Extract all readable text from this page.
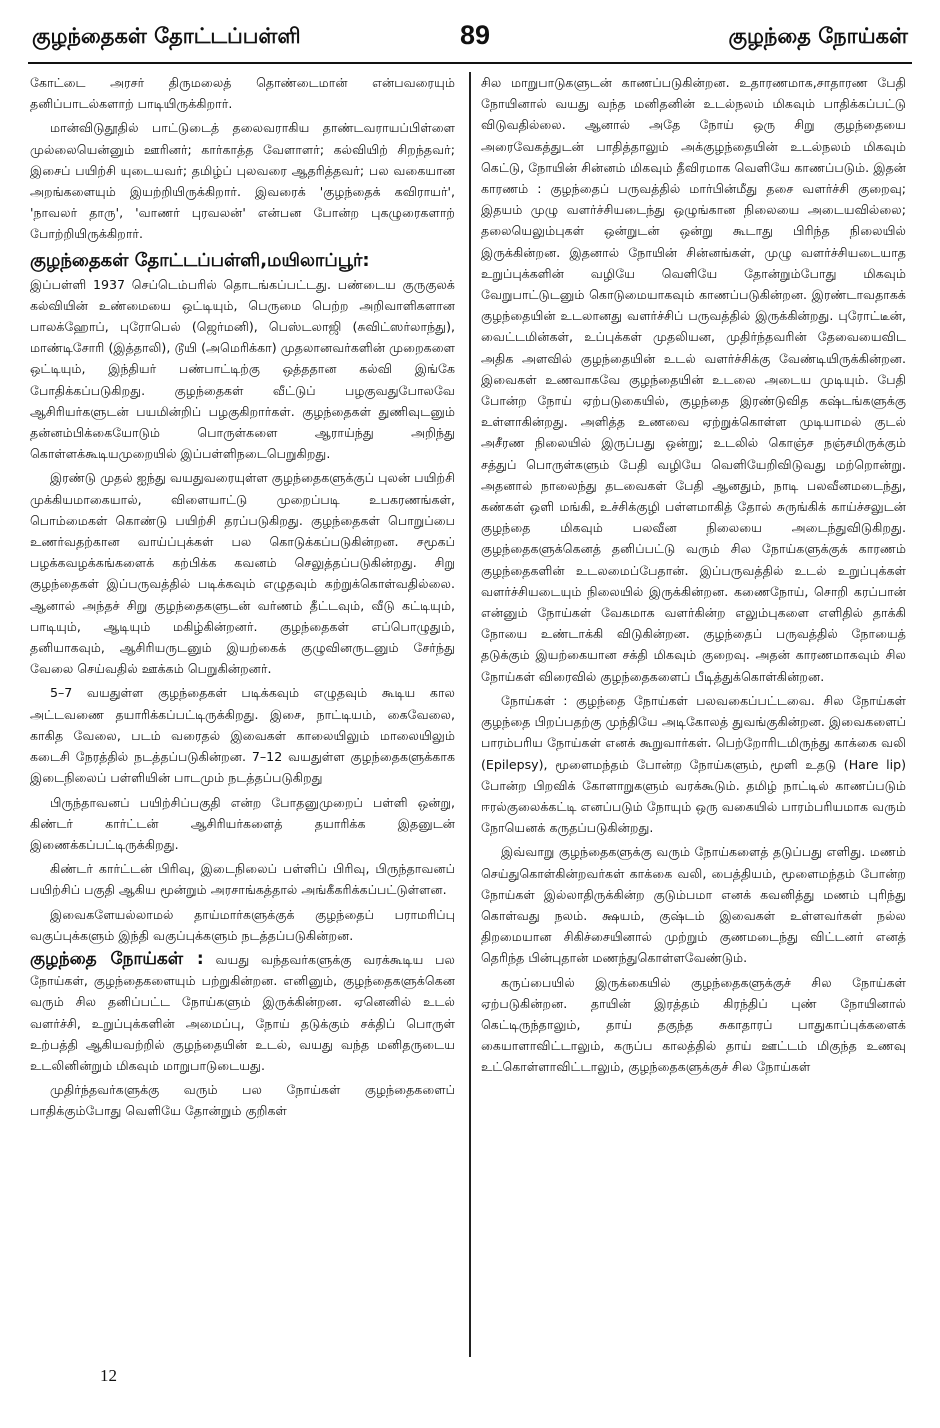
குழந்தைகள் தோட்டப்பள்ளி	89	குழந்தை நோய்கள்

கோட்டை அரசர் திருமலைத் தொண்டைமான் என்பவரையும் தனிப்பாடல்களாற் பாடியிருக்கிறார்.

மான்விடுதூதில் பாட்டுடைத் தலைவராகிய தாண்டவராயப்பிள்ளை முல்லையென்னும் ஊரினர்; கார்காத்த வேளாளர்; கல்வியிற் சிறந்தவர்; இசைப் பயிற்சி யுடையவர்; தமிழ்ப் புலவரை ஆதரித்தவர்; பல வகையான அறங்களையும் இயற்றியிருக்கிறார். இவரைக் 'குழந்தைக் கவிராயர்', 'நாவலர் தாரு', 'வாணர் புரவலன்' என்பன போன்ற புகழுரைகளாற் போற்றியிருக்கிறார்.

குழந்தைகள் தோட்டப்பள்ளி,மயிலாப்பூர்:

இப்பள்ளி 1937 செப்டெம்பரில் தொடங்கப்பட்டது. பண்டைய குருகுலக் கல்வியின் உண்மையை ஒட்டியும், பெருமை பெற்ற அறிவாளிகளான பாலக்ஹோப், புரோபெல் (ஜெர்மனி), பெஸ்டலாஜி (சுவிட்ஸர்லாந்து), மாண்டிசோரி (இத்தாலி), டூயி (அமெரிக்கா) முதலானவர்களின் முறைகளை ஒட்டியும், இந்தியர் பண்பாட்டிற்கு ஒத்ததான கல்வி இங்கே போதிக்கப்படுகிறது. குழந்தைகள் வீட்டுப் பழகுவதுபோலவே ஆசிரியர்களுடன் பயமின்றிப் பழகுகிறார்கள். குழந்தைகள் துணிவுடனும் தன்னம்பிக்கையோடும் பொருள்களை ஆராய்ந்து அறிந்து கொள்ளக்கூடியமுறையில் இப்பள்ளிநடைபெறுகிறது.

இரண்டு முதல் ஐந்து வயதுவரையுள்ள குழந்தைகளுக்குப் புலன் பயிற்சி முக்கியமாகையால், விளையாட்டு முறைப்படி உபகரணங்கள், பொம்மைகள் கொண்டு பயிற்சி தரப்படுகிறது. குழந்தைகள் பொறுப்பை உணர்வதற்கான வாய்ப்புக்கள் பல கொடுக்கப்படுகின்றன. சமூகப் பழக்கவழக்கங்களைக் கற்பிக்க கவனம் செலுத்தப்படுகின்றது. சிறு குழந்தைகள் இப்பருவத்தில் படிக்கவும் எழுதவும் கற்றுக்கொள்வதில்லை. ஆனால் அந்தச் சிறு குழந்தைகளுடன் வர்ணம் தீட்டவும், வீடு கட்டியும், பாடியும், ஆடியும் மகிழ்கின்றனர். குழந்தைகள் எப்பொழுதும், தனியாகவும், ஆசிரியருடனும் இயற்கைக் குழுவினருடனும் சேர்ந்து வேலை செய்வதில் ஊக்கம் பெறுகின்றனர்.

5–7 வயதுள்ள குழந்தைகள் படிக்கவும் எழுதவும் கூடிய கால அட்டவணை தயாரிக்கப்பட்டிருக்கிறது. இசை, நாட்டியம், கைவேலை, காகித வேலை, படம் வரைதல் இவைகள் காலையிலும் மாலையிலும் கடைசி நேரத்தில் நடத்தப்படுகின்றன. 7–12 வயதுள்ள குழந்தைகளுக்காக இடைநிலைப் பள்ளியின் பாடமும் நடத்தப்படுகிறது

பிருந்தாவனப் பயிற்சிப்பகுதி என்ற போதனுமுறைப் பள்ளி ஒன்று, கிண்டர் கார்ட்டன் ஆசிரியர்களைத் தயாரிக்க இதனுடன் இணைக்கப்பட்டிருக்கிறது.

கிண்டர் கார்ட்டன் பிரிவு, இடைநிலைப் பள்ளிப் பிரிவு, பிருந்தாவனப் பயிற்சிப் பகுதி ஆகிய மூன்றும் அரசாங்கத்தால் அங்கீகரிக்கப்பட்டுள்ளன.

இவைகளேயல்லாமல் தாய்மார்களுக்குக் குழந்தைப் பராமரிப்பு வகுப்புக்களும் இந்தி வகுப்புக்களும் நடத்தப்படுகின்றன.

குழந்தை நோய்கள் : வயது வந்தவர்களுக்கு வரக்கூடிய பல நோய்கள், குழந்தைகளையும் பற்றுகின்றன. எனினும், குழந்தைகளுக்கென வரும் சில தனிப்பட்ட நோய்களும் இருக்கின்றன. ஏனெனில் உடல் வளர்ச்சி, உறுப்புக்களின் அமைப்பு, நோய் தடுக்கும் சக்திப் பொருள் உற்பத்தி ஆகியவற்றில் குழந்தையின் உடல், வயது வந்த மனிதருடைய உடலினின்றும் மிகவும் மாறுபாடுடையது.

முதிர்ந்தவர்களுக்கு வரும் பல நோய்கள் குழந்தைகளைப் பாதிக்கும்போது வெளியே தோன்றும் குறிகள்

சில மாறுபாடுகளுடன் காணப்படுகின்றன. உதாரணமாக,சாதாரண பேதி நோயினால் வயது வந்த மனிதனின் உடல்நலம் மிகவும் பாதிக்கப்பட்டு விடுவதில்லை. ஆனால் அதே நோய் ஒரு சிறு குழந்தையை அரைவேகத்துடன் பாதித்தாலும் அக்குழந்தையின் உடல்நலம் மிகவும் கெட்டு, நோயின் சின்னம் மிகவும் தீவிரமாக வெளியே காணப்படும். இதன் காரணம் : குழந்தைப் பருவத்தில் மார்பின்மீது தசை வளர்ச்சி குறைவு; இதயம் முழு வளர்ச்சியடைந்து ஒழுங்கான நிலையை அடையவில்லை; தலையெலும்புகள் ஒன்றுடன் ஒன்று கூடாது பிரிந்த நிலையில் இருக்கின்றன. இதனால் நோயின் சின்னங்கள், முழு வளர்ச்சியடையாத உறுப்புக்களின் வழியே வெளியே தோன்றும்போது மிகவும் வேறுபாட்டுடனும் கொடுமையாகவும் காணப்படுகின்றன. இரண்டாவதாகக் குழந்தையின் உடலானது வளர்ச்சிப் பருவத்தில் இருக்கின்றது. புரோட்டீன், வைட்டமின்கள், உப்புக்கள் முதலியன, முதிர்ந்தவரின் தேவையைவிட அதிக அளவில் குழந்தையின் உடல் வளர்ச்சிக்கு வேண்டியிருக்கின்றன. இவைகள் உணவாகவே குழந்தையின் உடலை அடைய முடியும். பேதி போன்ற நோய் ஏற்படுகையில், குழந்தை இரண்டுவித கஷ்டங்களுக்கு உள்ளாகின்றது. அளித்த உணவை ஏற்றுக்கொள்ள முடியாமல் குடல் அசீரண நிலையில் இருப்பது ஒன்று; உடலில் கொஞ்ச நஞ்சமிருக்கும் சத்துப் பொருள்களும் பேதி வழியே வெளியேறிவிடுவது மற்றொன்று. அதனால் நாலைந்து தடவைகள் பேதி ஆனதும், நாடி பலவீனமடைந்து, கண்கள் ஒளி மங்கி, உச்சிக்குழி பள்ளமாகித் தோல் சுருங்கிக் காய்ச்சலுடன் குழந்தை மிகவும் பலவீன நிலையை அடைந்துவிடுகிறது. குழந்தைகளுக்கெனத் தனிப்பட்டு வரும் சில நோய்களுக்குக் காரணம் குழந்தைகளின் உடலமைப்பேதான். இப்பருவத்தில் உடல் உறுப்புக்கள் வளர்ச்சியடையும் நிலையில் இருக்கின்றன. கணைநோய், சொறி கரப்பான் என்னும் நோய்கள் வேகமாக வளர்கின்ற எலும்புகளை எளிதில் தாக்கி நோயை உண்டாக்கி விடுகின்றன. குழந்தைப் பருவத்தில் நோயைத் தடுக்கும் இயற்கையான சக்தி மிகவும் குறைவு. அதன் காரணமாகவும் சில நோய்கள் விரைவில் குழந்தைகளைப் பீடித்துக்கொள்கின்றன.

நோய்கள் : குழந்தை நோய்கள் பலவகைப்பட்டவை. சில நோய்கள் குழந்தை பிறப்பதற்கு முந்தியே அடிகோலத் துவங்குகின்றன. இவைகளைப் பாரம்பரிய நோய்கள் எனக் கூறுவார்கள். பெற்றோரிடமிருந்து காக்கை வலி (Epilepsy), மூளைமந்தம் போன்ற நோய்களும், மூளி உதடு (Hare lip) போன்ற பிறவிக் கோளாறுகளும் வரக்கூடும். தமிழ் நாட்டில் காணப்படும் ஈரல்குலைக்கட்டி எனப்படும் நோயும் ஒரு வகையில் பாரம்பரியமாக வரும் நோயெனக் கருதப்படுகின்றது.

இவ்வாறு குழந்தைகளுக்கு வரும் நோய்களைத் தடுப்பது எளிது. மணம் செய்துகொள்கின்றவர்கள் காக்கை வலி, பைத்தியம், மூளைமந்தம் போன்ற நோய்கள் இல்லாதிருக்கின்ற குடும்பமா எனக் கவனித்து மணம் புரிந்து கொள்வது நலம். க்ஷயம், குஷ்டம் இவைகள் உள்ளவர்கள் நல்ல திறமையான சிகிச்சையினால் முற்றும் குணமடைந்து விட்டனர் எனத் தெரிந்த பின்புதான் மணந்துகொள்ளவேண்டும்.

கருப்பையில் இருக்கையில் குழந்தைகளுக்குச் சில நோய்கள் ஏற்படுகின்றன. தாயின் இரத்தம் கிரந்திப் புண் நோயினால் கெட்டிருந்தாலும், தாய் தகுந்த சுகாதாரப் பாதுகாப்புக்களைக் கையாளாவிட்டாலும், கருப்ப காலத்தில் தாய் ஊட்டம் மிகுந்த உணவு உட்கொள்ளாவிட்டாலும், குழந்தைகளுக்குச் சில நோய்கள்

12
